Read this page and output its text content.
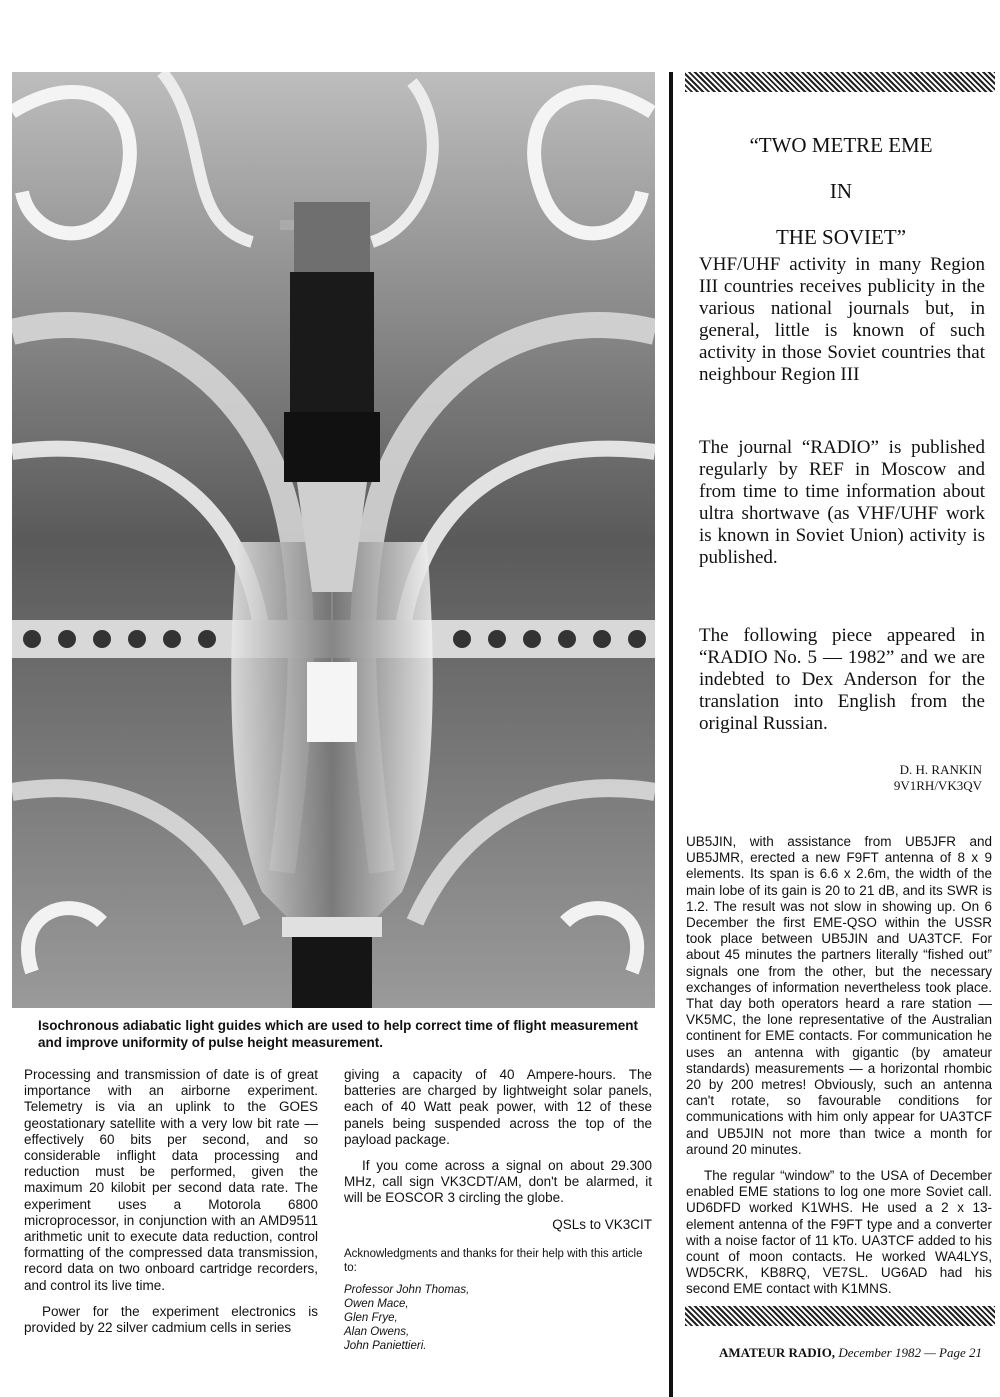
Isochronous adiabatic light guides which are used to help correct time of flight measurement and improve uniformity of pulse height measurement.

Processing and transmission of date is of great importance with an airborne experiment. Telemetry is via an uplink to the GOES geostationary satellite with a very low bit rate — effectively 60 bits per second, and so considerable inflight data processing and reduction must be performed, given the maximum 20 kilobit per second data rate. The experiment uses a Motorola 6800 microprocessor, in conjunction with an AMD9511 arithmetic unit to execute data reduction, control formatting of the compressed data transmission, record data on two onboard cartridge recorders, and control its live time.

Power for the experiment electronics is provided by 22 silver cadmium cells in series

giving a capacity of 40 Ampere-hours. The batteries are charged by lightweight solar panels, each of 40 Watt peak power, with 12 of these panels being suspended across the top of the payload package.

If you come across a signal on about 29.300 MHz, call sign VK3CDT/AM, don't be alarmed, it will be EOSCOR 3 circling the globe.

QSLs to VK3CIT

Acknowledgments and thanks for their help with this article to:
Professor John Thomas,
Owen Mace,
Glen Frye,
Alan Owens,
John Paniettieri.
“TWO METRE EME
IN
THE SOVIET”

VHF/UHF activity in many Region III countries receives publicity in the various national journals but, in general, little is known of such activity in those Soviet countries that neighbour Region III

The journal “RADIO” is published regularly by REF in Moscow and from time to time information about ultra shortwave (as VHF/UHF work is known in Soviet Union) activity is published.

The following piece appeared in “RADIO No. 5 — 1982” and we are indebted to Dex Anderson for the translation into English from the original Russian.

D. H. RANKIN
9V1RH/VK3QV

UB5JIN, with assistance from UB5JFR and UB5JMR, erected a new F9FT antenna of 8 x 9 elements. Its span is 6.6 x 2.6m, the width of the main lobe of its gain is 20 to 21 dB, and its SWR is 1.2. The result was not slow in showing up. On 6 December the first EME-QSO within the USSR took place between UB5JIN and UA3TCF. For about 45 minutes the partners literally “fished out” signals one from the other, but the necessary exchanges of information nevertheless took place. That day both operators heard a rare station — VK5MC, the lone representative of the Australian continent for EME contacts. For communication he uses an antenna with gigantic (by amateur standards) measurements — a horizontal rhombic 20 by 200 metres! Obviously, such an antenna can't rotate, so favourable conditions for communications with him only appear for UA3TCF and UB5JIN not more than twice a month for around 20 minutes.

The regular “window” to the USA of December enabled EME stations to log one more Soviet call. UD6DFD worked K1WHS. He used a 2 x 13-element antenna of the F9FT type and a converter with a noise factor of 11 kTo. UA3TCF added to his count of moon contacts. He worked WA4LYS, WD5CRK, KB8RQ, VE7SL. UG6AD had his second EME contact with K1MNS.

AMATEUR RADIO, December 1982 — Page 21
